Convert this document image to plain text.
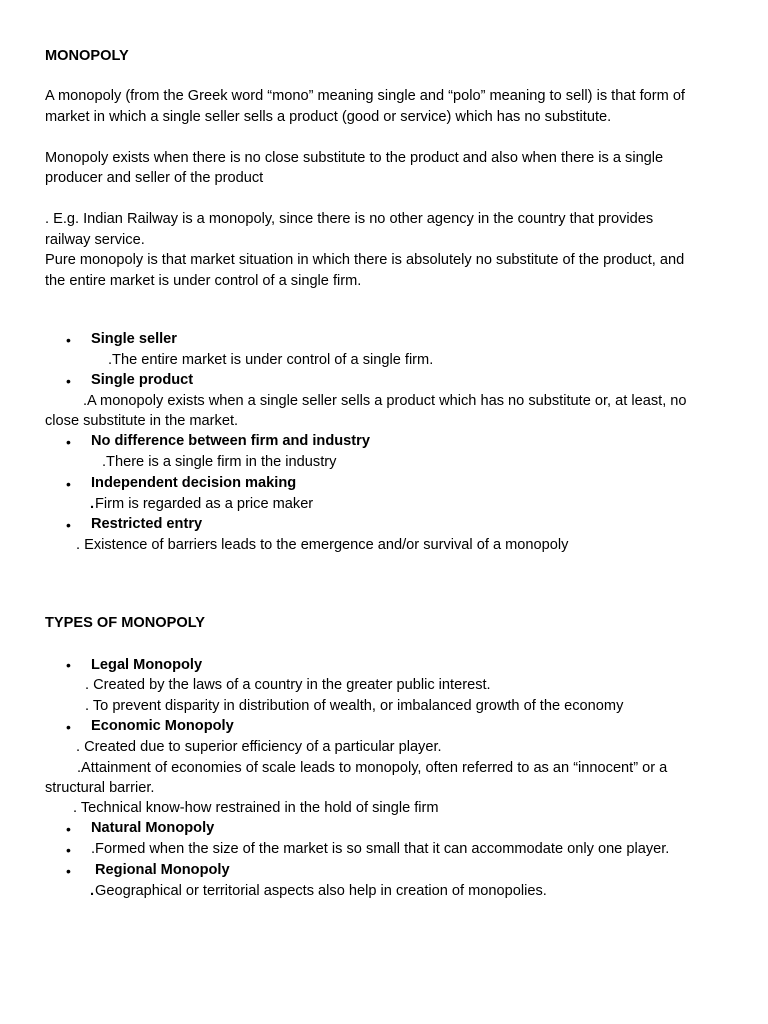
MONOPOLY
A monopoly (from the Greek word “mono” meaning single and “polo” meaning to sell) is that form of
market in which a single seller sells a product (good or service) which has no substitute.
Monopoly exists when there is no close substitute to the product and also when there is a single
producer and seller of the product
. E.g. Indian Railway is a monopoly, since there is no other agency in the country that provides
railway service.
Pure monopoly is that market situation in which there is absolutely no substitute of the product, and
the entire market is under control of a single firm.
• Single seller
.The entire market is under control of a single firm.
• Single product
.A monopoly exists when a single seller sells a product which has no substitute or, at least, no
close substitute in the market.
• No difference between firm and industry
.There is a single firm in the industry
• Independent decision making
. Firm is regarded as a price maker
• Restricted entry
. Existence of barriers leads to the emergence and/or survival of a monopoly
TYPES OF MONOPOLY
• Legal Monopoly
. Created by the laws of a country in the greater public interest.
. To prevent disparity in distribution of wealth, or imbalanced growth of the economy
• Economic Monopoly
. Created due to superior efficiency of a particular player.
.Attainment of economies of scale leads to monopoly, often referred to as an “innocent” or a
structural barrier.
. Technical know-how restrained in the hold of single firm
• Natural Monopoly
• .Formed when the size of the market is so small that it can accommodate only one player.
• Regional Monopoly
. Geographical or territorial aspects also help in creation of monopolies.
